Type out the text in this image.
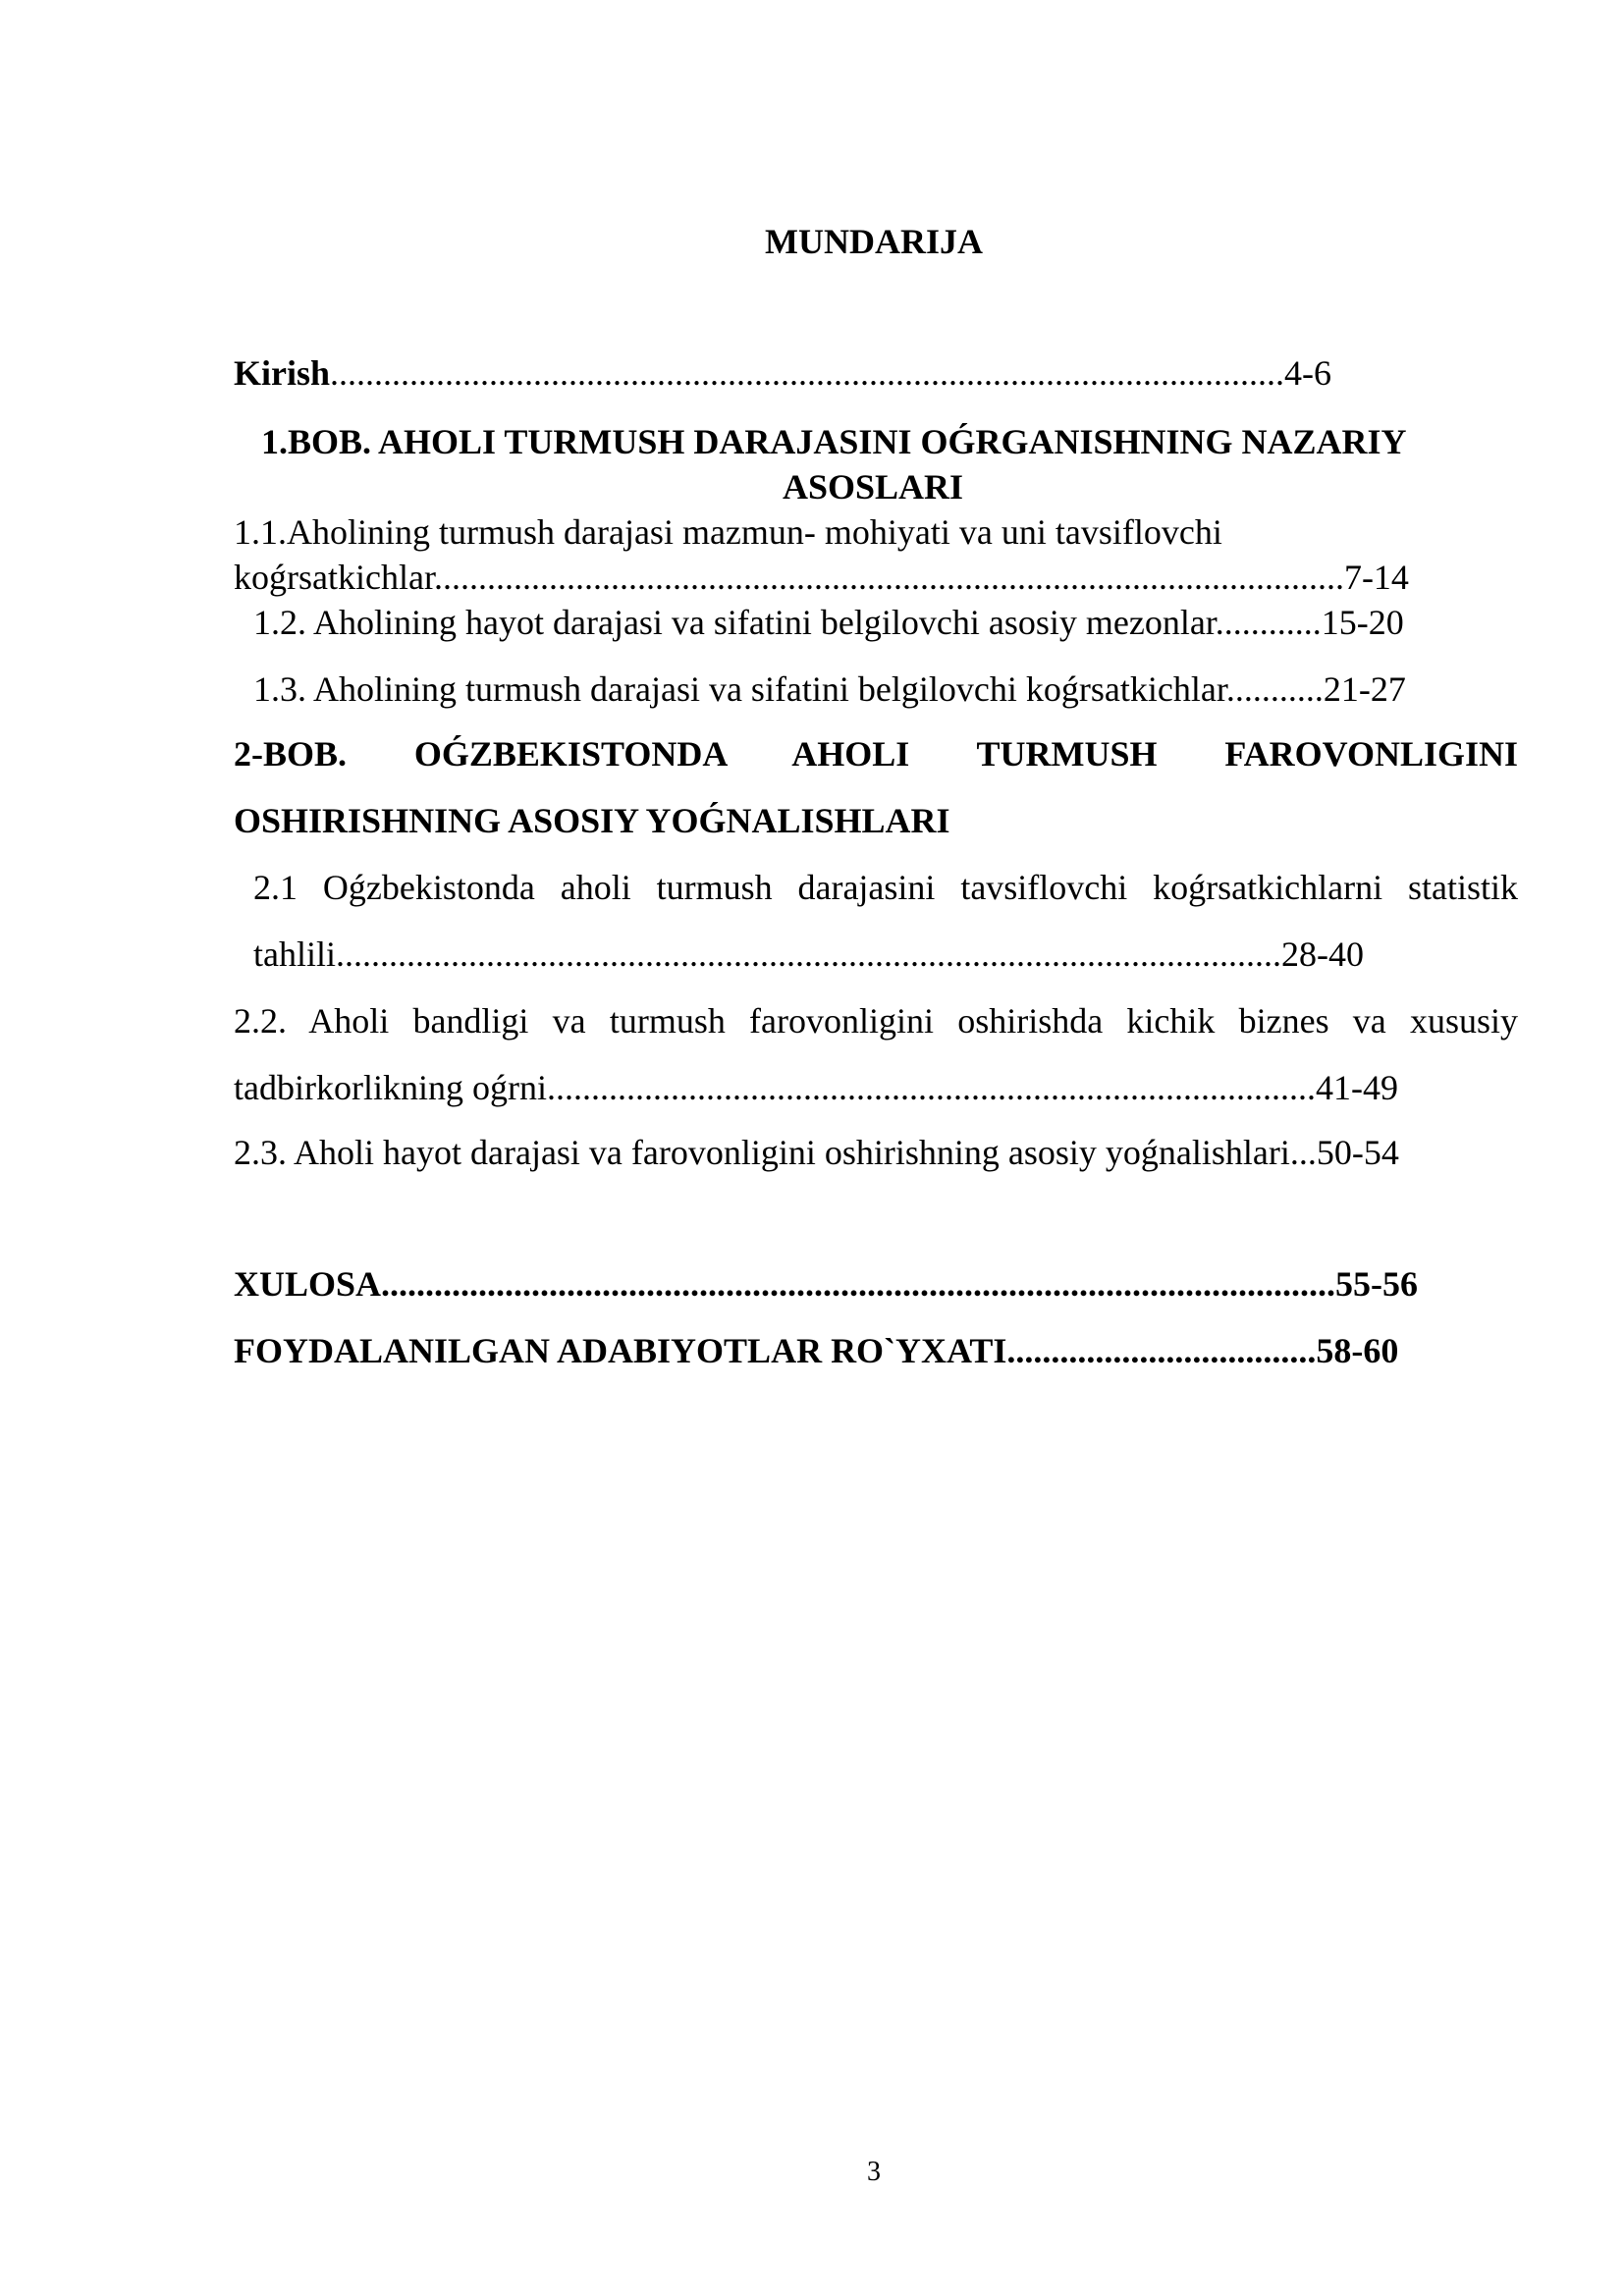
MUNDARIJA
Kirish............................................................................................................4-6
1.BOB. AHOLI TURMUSH DARAJASINI OǴRGANISHNING NAZARIY
ASOSLARI
1.1.Aholining turmush darajasi mazmun- mohiyati va uni tavsiflovchi
koǵrsatkichlar.......................................................................................................7-14
1.2. Aholining hayot darajasi va sifatini belgilovchi asosiy mezonlar............15-20
1.3. Aholining turmush darajasi va sifatini belgilovchi koǵrsatkichlar...........21-27
2-BOB. OǴZBEKISTONDA AHOLI TURMUSH FAROVONLIGINI
OSHIRISHNING ASOSIY YOǴNALISHLARI
2.1 Oǵzbekistonda aholi turmush darajasini tavsiflovchi koǵrsatkichlarni statistik
tahlili...........................................................................................................28-40
2.2. Aholi bandligi va turmush farovonligini oshirishda kichik biznes va xususiy
tadbirkorlikning oǵrni.......................................................................................41-49
2.3. Aholi hayot darajasi va farovonligini oshirishning asosiy yoǵnalishlari...50-54
XULOSA............................................................................................................55-56
FOYDALANILGAN ADABIYOTLAR RO`YXATI...................................58-60
3
